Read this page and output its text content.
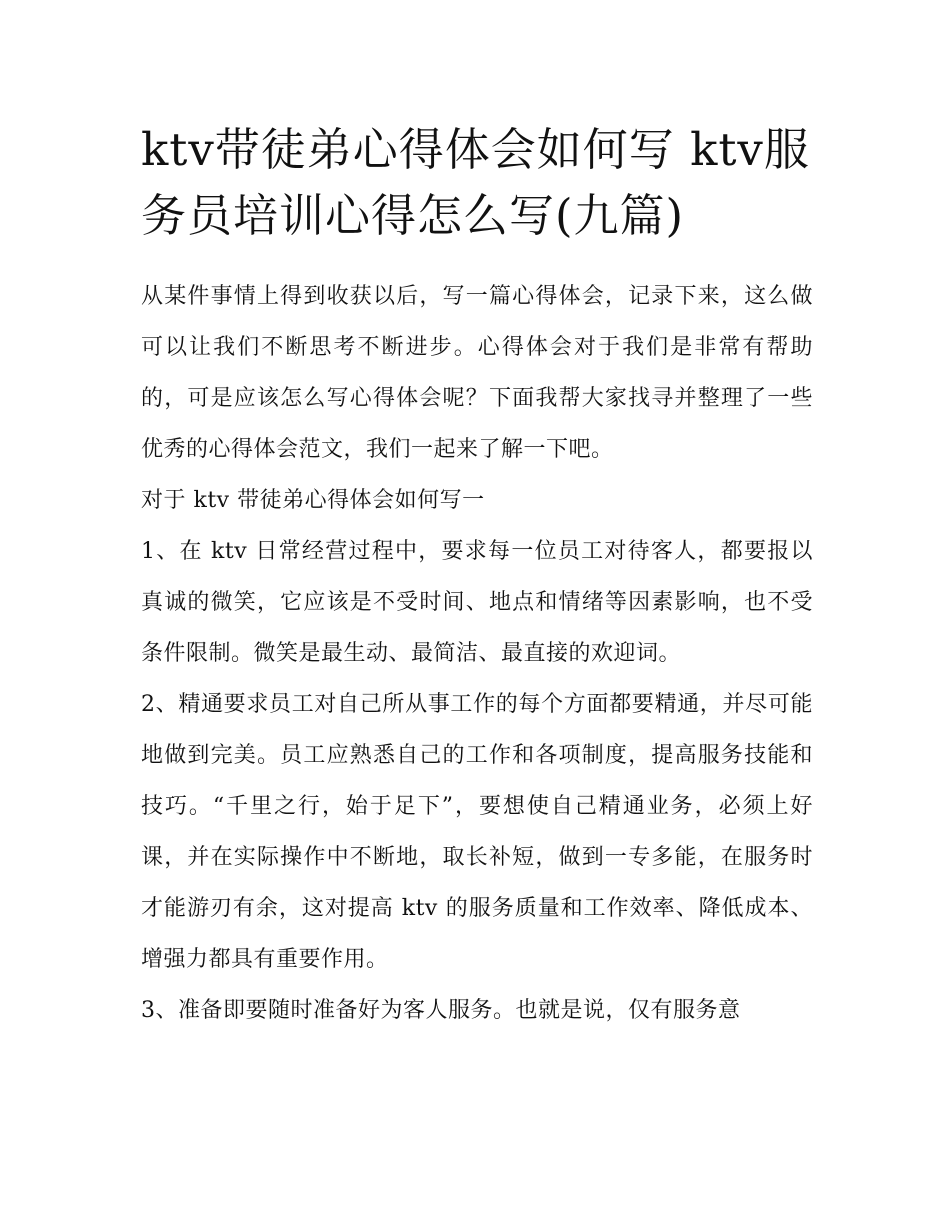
ktv带徒弟心得体会如何写 ktv服务员培训心得怎么写(九篇)

从某件事情上得到收获以后，写一篇心得体会，记录下来，这么做可以让我们不断思考不断进步。心得体会对于我们是非常有帮助的，可是应该怎么写心得体会呢？下面我帮大家找寻并整理了一些优秀的心得体会范文，我们一起来了解一下吧。

对于 ktv 带徒弟心得体会如何写一

1、在 ktv 日常经营过程中，要求每一位员工对待客人，都要报以真诚的微笑，它应该是不受时间、地点和情绪等因素影响，也不受条件限制。微笑是最生动、最简洁、最直接的欢迎词。

2、精通要求员工对自己所从事工作的每个方面都要精通，并尽可能地做到完美。员工应熟悉自己的工作和各项制度，提高服务技能和技巧。“千里之行，始于足下”，要想使自己精通业务，必须上好课，并在实际操作中不断地，取长补短，做到一专多能，在服务时才能游刃有余，这对提高 ktv 的服务质量和工作效率、降低成本、增强力都具有重要作用。

3、准备即要随时准备好为客人服务。也就是说，仅有服务意
